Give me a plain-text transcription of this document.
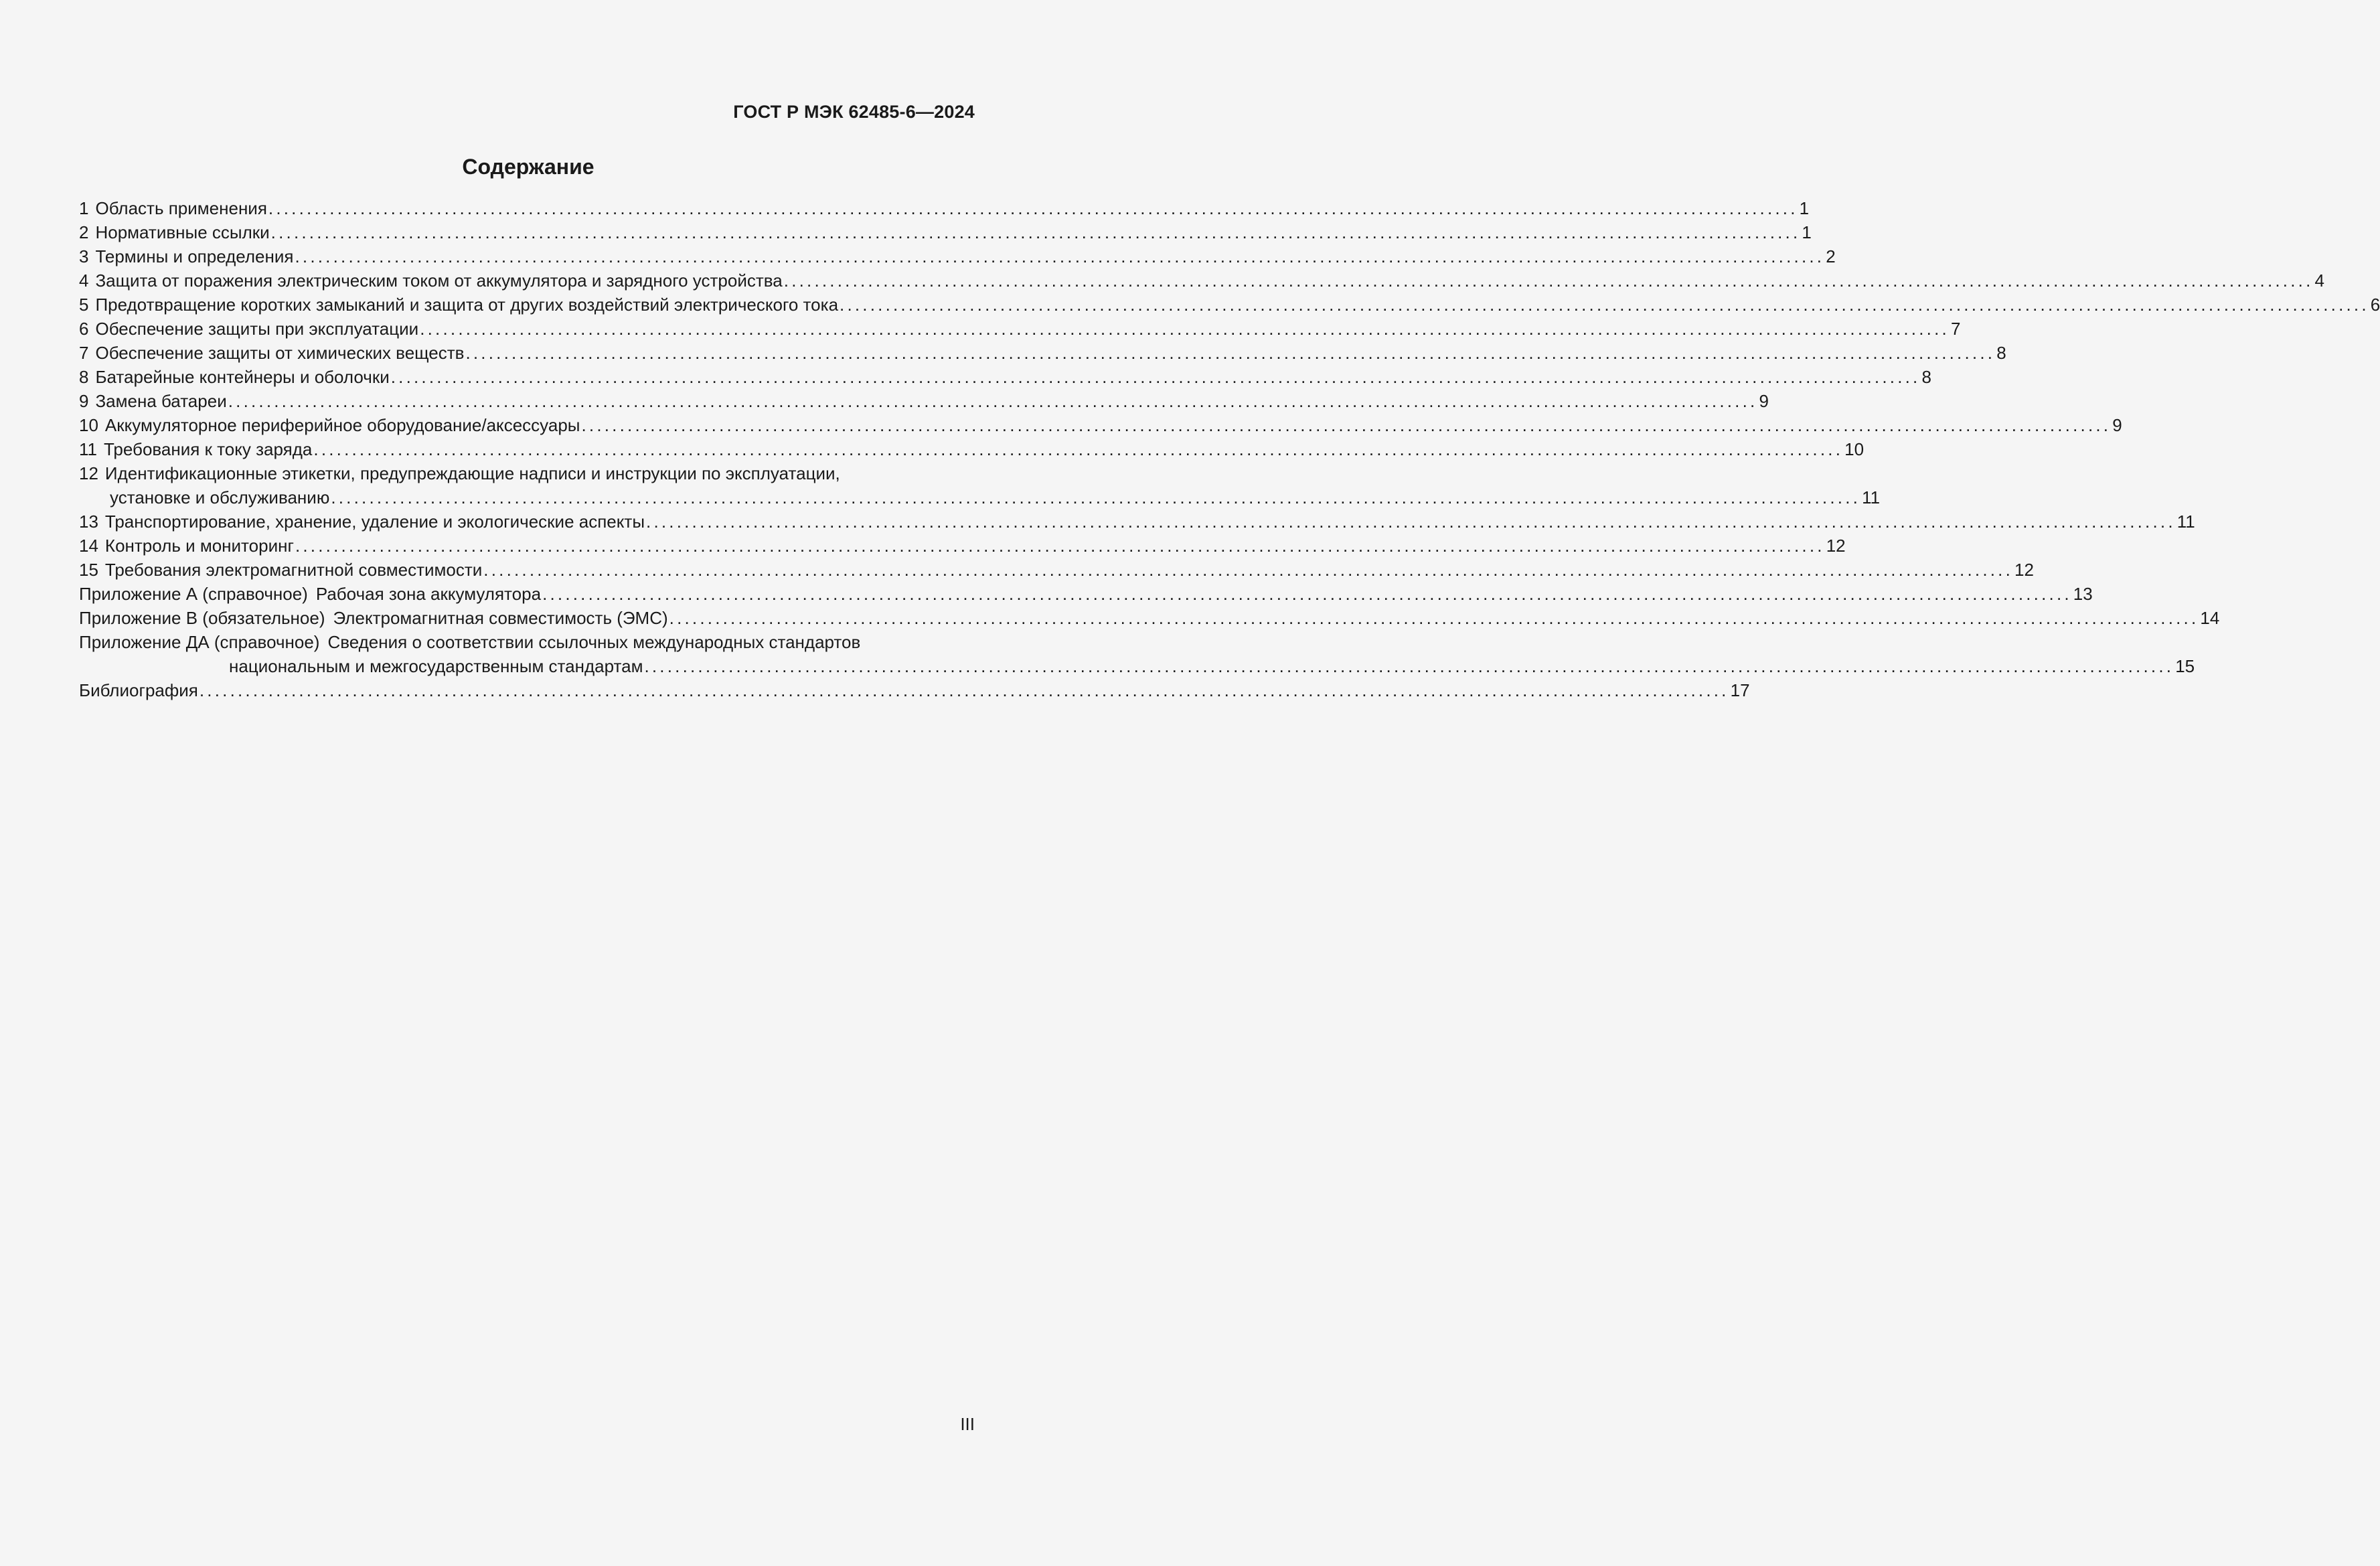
ГОСТ Р МЭК 62485-6—2024
Содержание
1 Область применения ........................................................................................................................................................................................................ 1
2 Нормативные ссылки ........................................................................................................................................................................................................ 1
3 Термины и определения ........................................................................................................................................................................................................ 2
4 Защита от поражения электрическим током от аккумулятора и зарядного устройства ........................................................................................................................................................................................................ 4
5 Предотвращение коротких замыканий и защита от других воздействий электрического тока ........................................................................................................................................................................................................ 6
6 Обеспечение защиты при эксплуатации ........................................................................................................................................................................................................ 7
7 Обеспечение защиты от химических веществ ........................................................................................................................................................................................................ 8
8 Батарейные контейнеры и оболочки ........................................................................................................................................................................................................ 8
9 Замена батареи ........................................................................................................................................................................................................ 9
10 Аккумуляторное периферийное оборудование/аксессуары ........................................................................................................................................................................................................ 9
11 Требования к току заряда ........................................................................................................................................................................................................ 10
12 Идентификационные этикетки, предупреждающие надписи и инструкции по эксплуатации,
установке и обслуживанию ........................................................................................................................................................................................................ 11
13 Транспортирование, хранение, удаление и экологические аспекты ........................................................................................................................................................................................................ 11
14 Контроль и мониторинг ........................................................................................................................................................................................................ 12
15 Требования электромагнитной совместимости ........................................................................................................................................................................................................ 12
Приложение А (справочное) Рабочая зона аккумулятора ........................................................................................................................................................................................................ 13
Приложение В (обязательное) Электромагнитная совместимость (ЭМС) ........................................................................................................................................................................................................ 14
Приложение ДА (справочное) Сведения о соответствии ссылочных международных стандартов
национальным и межгосударственным стандартам ........................................................................................................................................................................................................ 15
Библиография ........................................................................................................................................................................................................ 17
III
